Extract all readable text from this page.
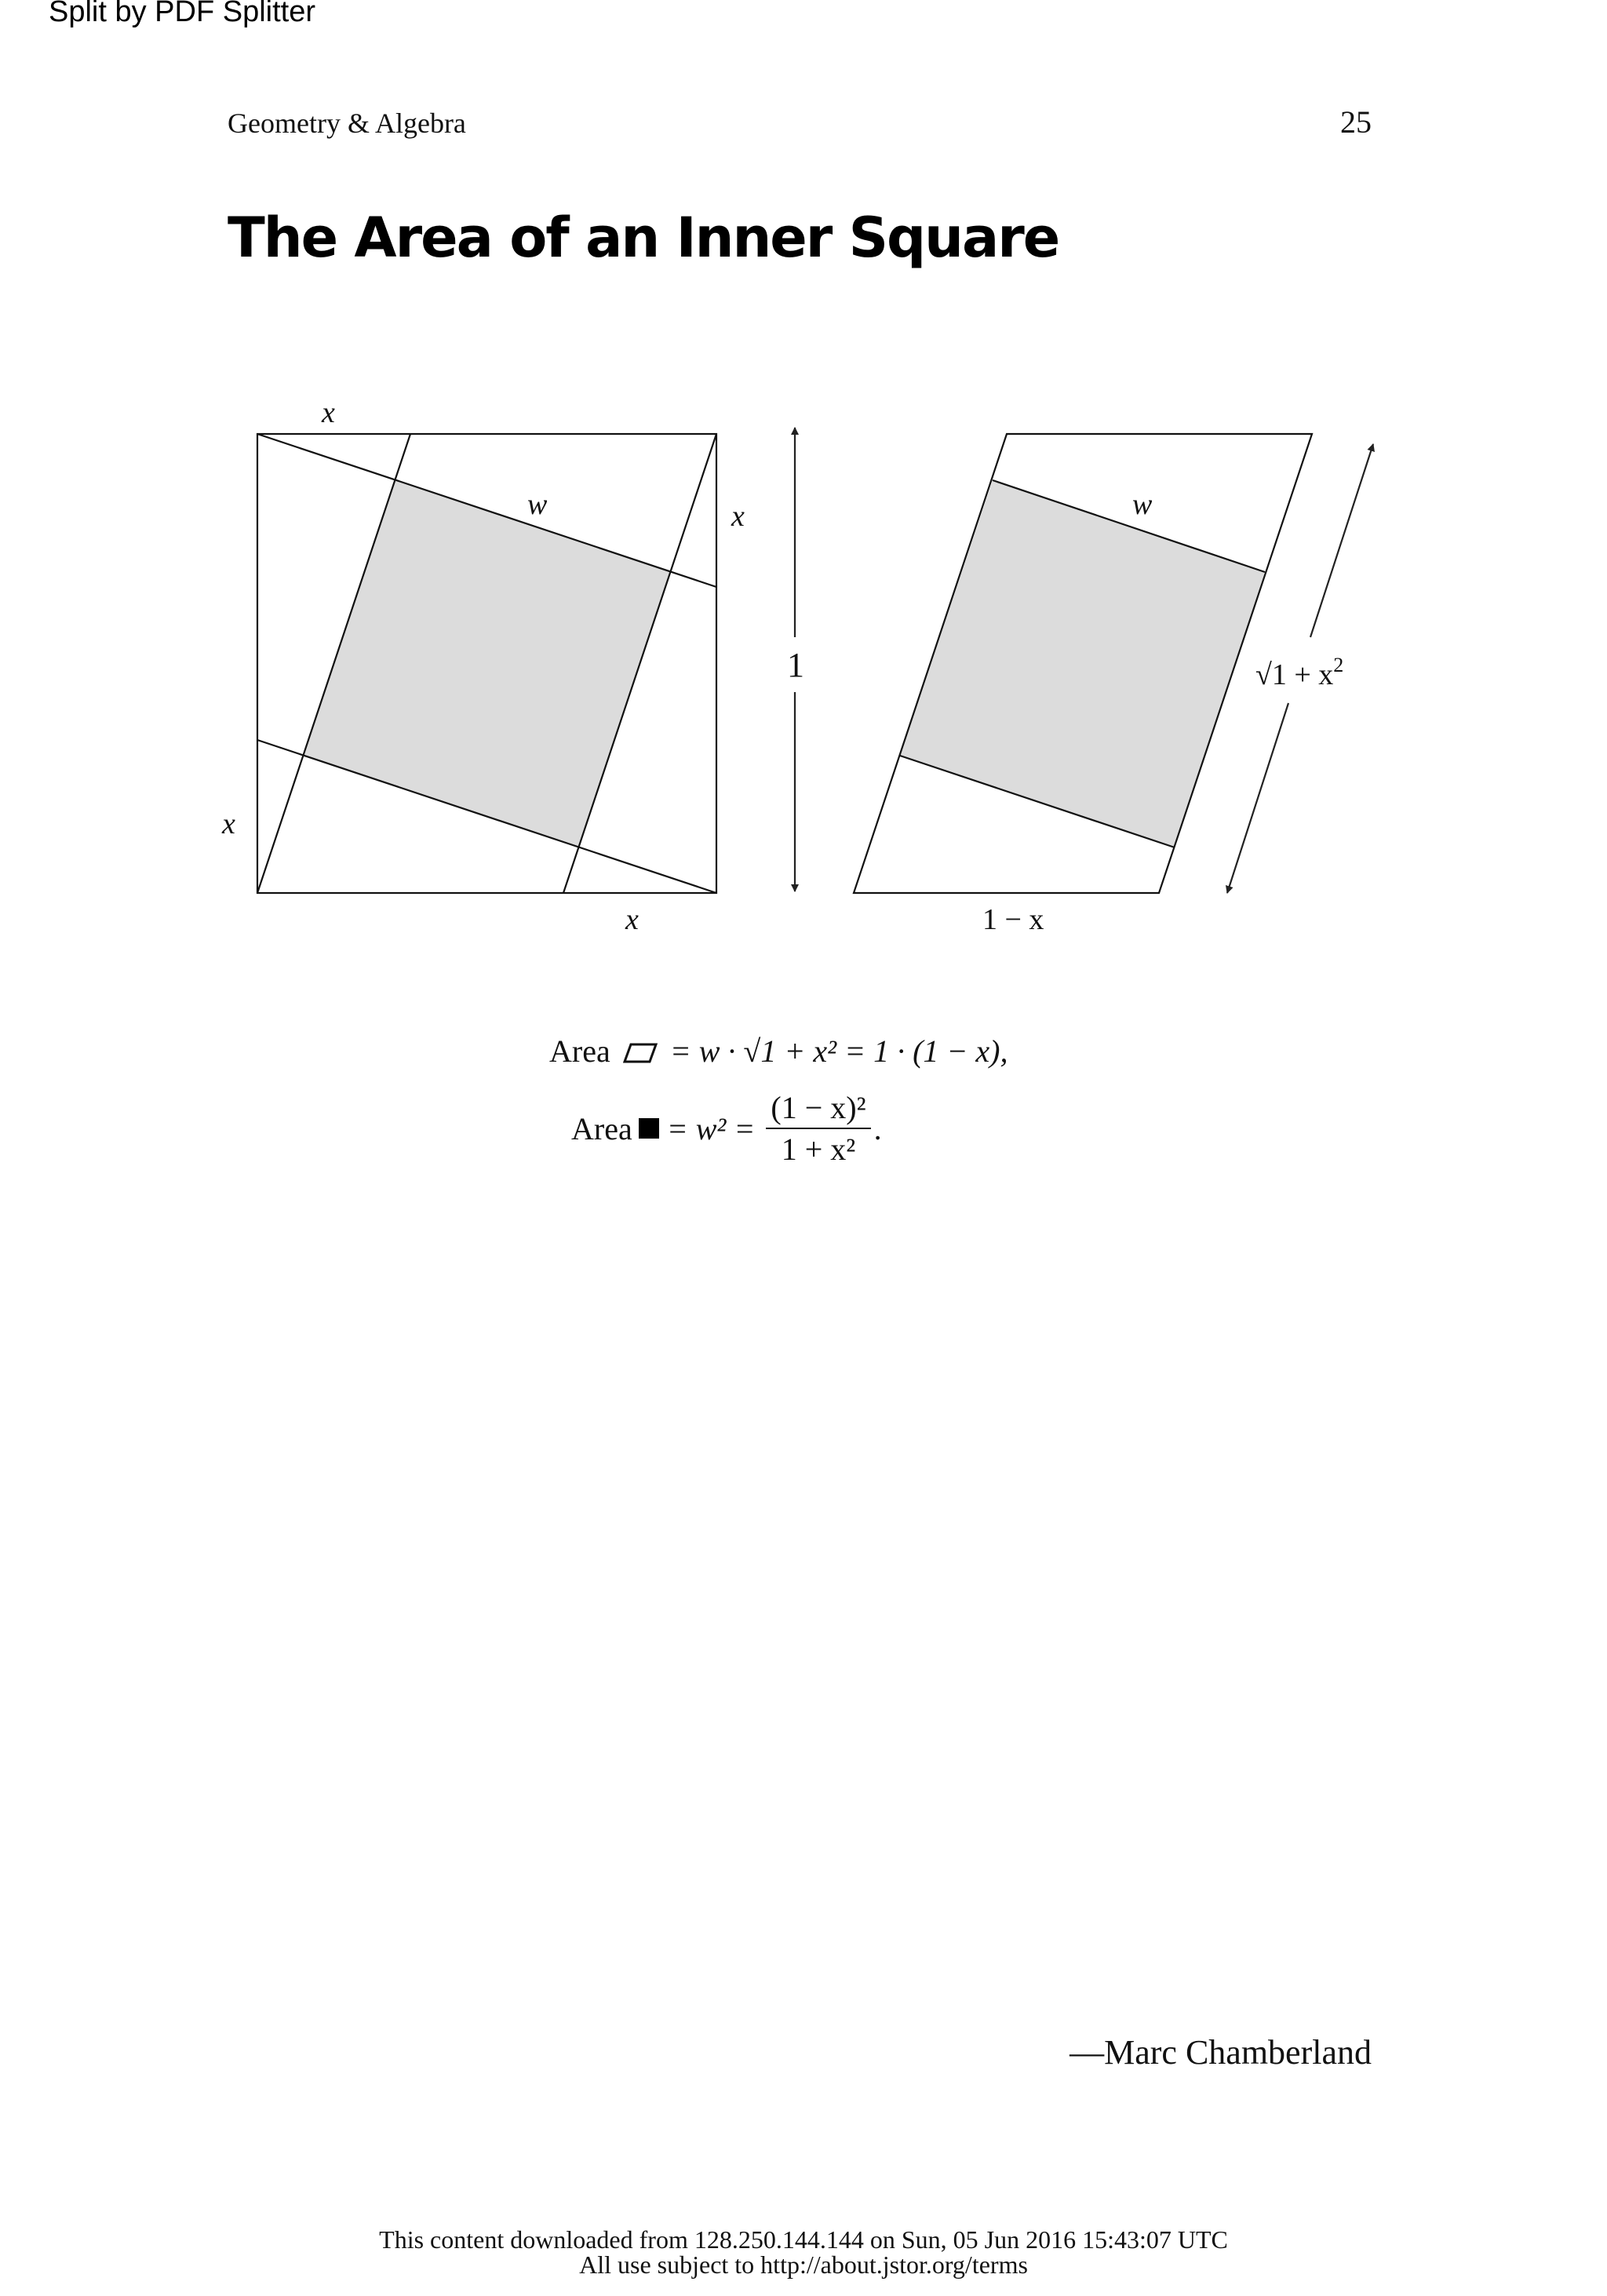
Split by PDF Splitter
Geometry & Algebra	25
The Area of an Inner Square
x
w	x
1
x
x
w
$√1 + x^2$
1 − x
Area = w · √1 + x² = 1 · (1 − x),
Area = w² =
(1 − x)²
1 + x²
.
—Marc Chamberland
This content downloaded from 128.250.144.144 on Sun, 05 Jun 2016 15:43:07 UTC
All use subject to http://about.jstor.org/terms
